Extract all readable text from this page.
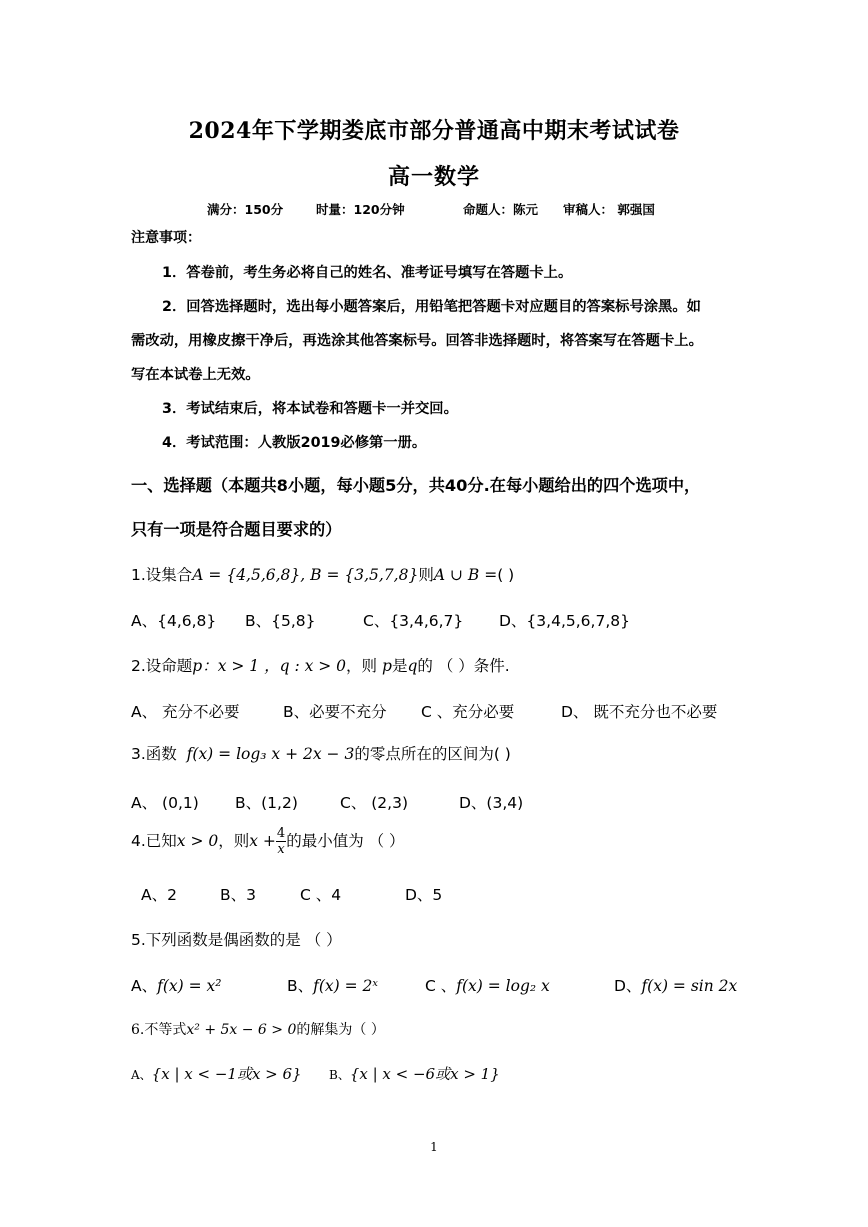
2024年下学期娄底市部分普通高中期末考试试卷
高一数学
满分：150分	时量：120分钟	命题人：陈元 审稿人： 郭强国
注意事项：
1．答卷前，考生务必将自己的姓名、准考证号填写在答题卡上。
2．回答选择题时，选出每小题答案后，用铅笔把答题卡对应题目的答案标号涂黑。如
需改动，用橡皮擦干净后，再选涂其他答案标号。回答非选择题时，将答案写在答题卡上。
写在本试卷上无效。
3．考试结束后，将本试卷和答题卡一并交回。
4．考试范围：人教版2019必修第一册。
一、选择题（本题共8小题，每小题5分，共40分.在每小题给出的四个选项中，
只有一项是符合题目要求的）
1.设集合A = {4,5,6,8}, B = {3,5,7,8}则A ∪ B =( )
A、{4,6,8} B、{5,8}	C、{3,4,6,7} D、{3,4,5,6,7,8}
2.设命题p：x > 1 ，q : x > 0，则 p是q的 （ ）条件.
A、 充分不必要	B、必要不充分 C 、充分必要	D、 既不充分也不必要
3.函数 f(x) = log₃ x + 2x − 3的零点所在的区间为( )
A、 (0,1) B、(1,2)	C、 (2,3)	D、(3,4)
4.已知x > 0，则$x + \frac{4}{x}$ 的最小值为 （ ）
A、2	B、3	C 、4	D、5
5.下列函数是偶函数的是 （ ）
A、f(x) = x²	B、f(x) = 2ˣ	C 、f(x) = log₂ x	D、f(x) = sin 2x
6.不等式x² + 5x − 6 > 0的解集为（ ）
A、{x | x < −1或x > 6} B、{x | x < −6或x > 1}
1
